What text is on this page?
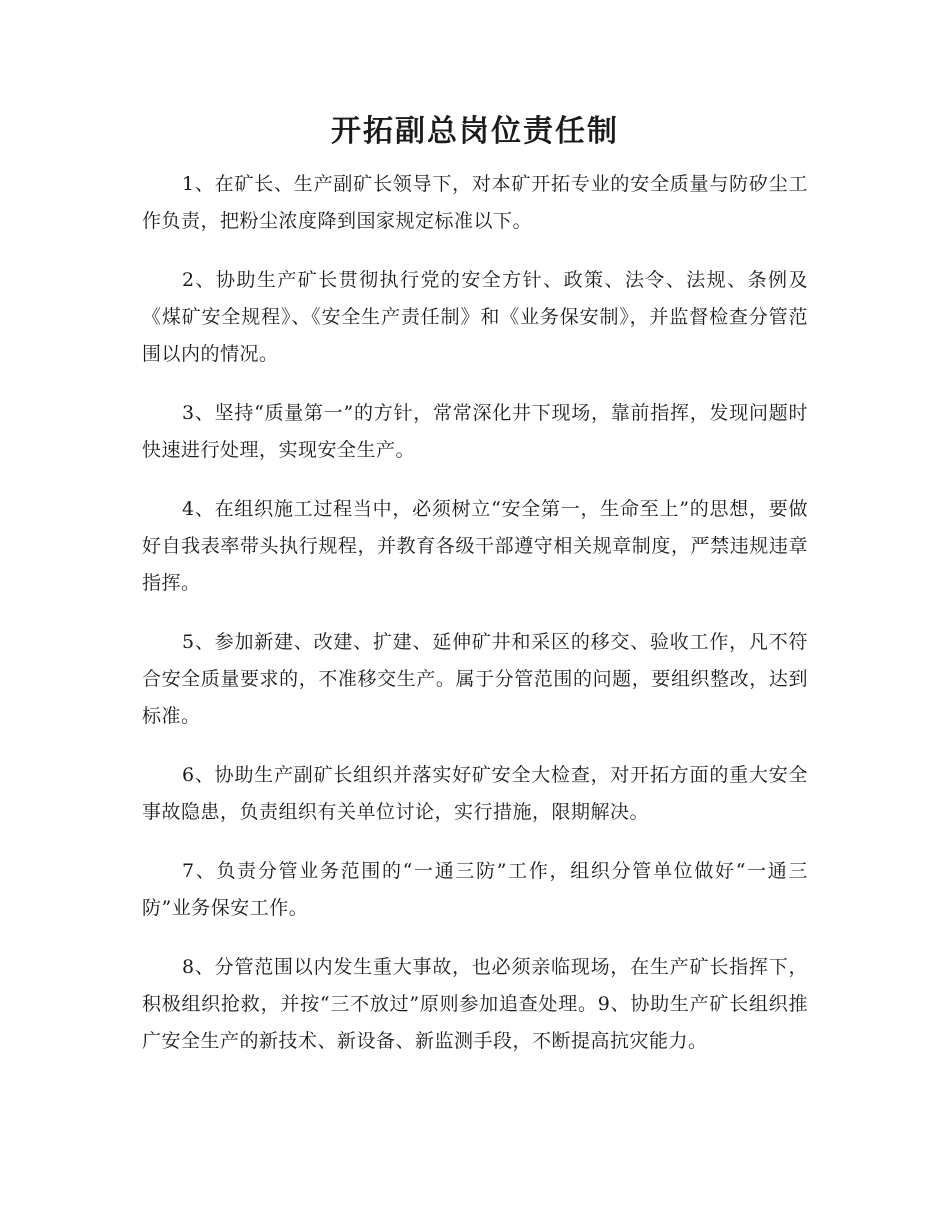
开拓副总岗位责任制

1、在矿长、生产副矿长领导下，对本矿开拓专业的安全质量与防矽尘工作负责，把粉尘浓度降到国家规定标准以下。

2、协助生产矿长贯彻执行党的安全方针、政策、法令、法规、条例及《煤矿安全规程》、《安全生产责任制》和《业务保安制》，并监督检查分管范围以内的情况。

3、坚持“质量第一”的方针，常常深化井下现场，靠前指挥，发现问题时快速进行处理，实现安全生产。

4、在组织施工过程当中，必须树立“安全第一，生命至上”的思想，要做好自我表率带头执行规程，并教育各级干部遵守相关规章制度，严禁违规违章指挥。

5、参加新建、改建、扩建、延伸矿井和采区的移交、验收工作，凡不符合安全质量要求的，不准移交生产。属于分管范围的问题，要组织整改，达到标准。

6、协助生产副矿长组织并落实好矿安全大检查，对开拓方面的重大安全事故隐患，负责组织有关单位讨论，实行措施，限期解决。

7、负责分管业务范围的“一通三防”工作，组织分管单位做好“一通三防”业务保安工作。

8、分管范围以内发生重大事故，也必须亲临现场，在生产矿长指挥下，积极组织抢救，并按“三不放过”原则参加追查处理。9、协助生产矿长组织推广安全生产的新技术、新设备、新监测手段，不断提高抗灾能力。
